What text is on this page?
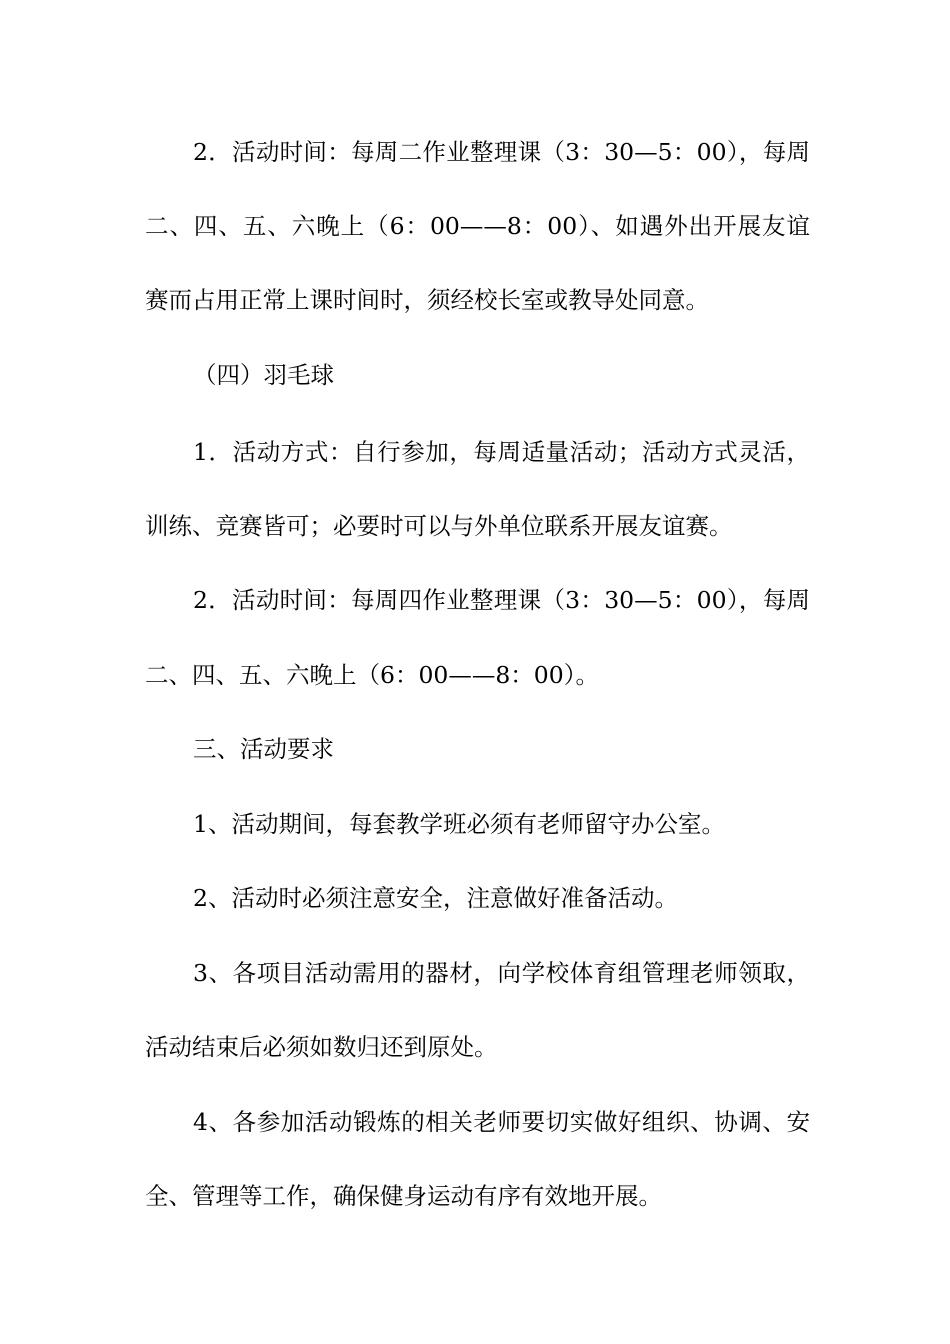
2．活动时间：每周二作业整理课（3：30—5：00），每周
二、四、五、六晚上（6：00——8：00）、如遇外出开展友谊
赛而占用正常上课时间时，须经校长室或教导处同意。
（四）羽毛球
1．活动方式：自行参加，每周适量活动；活动方式灵活，
训练、竞赛皆可；必要时可以与外单位联系开展友谊赛。
2．活动时间：每周四作业整理课（3：30—5：00），每周
二、四、五、六晚上（6：00——8：00）。
三、活动要求
1、活动期间，每套教学班必须有老师留守办公室。
2、活动时必须注意安全，注意做好准备活动。
3、各项目活动需用的器材，向学校体育组管理老师领取，
活动结束后必须如数归还到原处。
4、各参加活动锻炼的相关老师要切实做好组织、协调、安
全、管理等工作，确保健身运动有序有效地开展。
